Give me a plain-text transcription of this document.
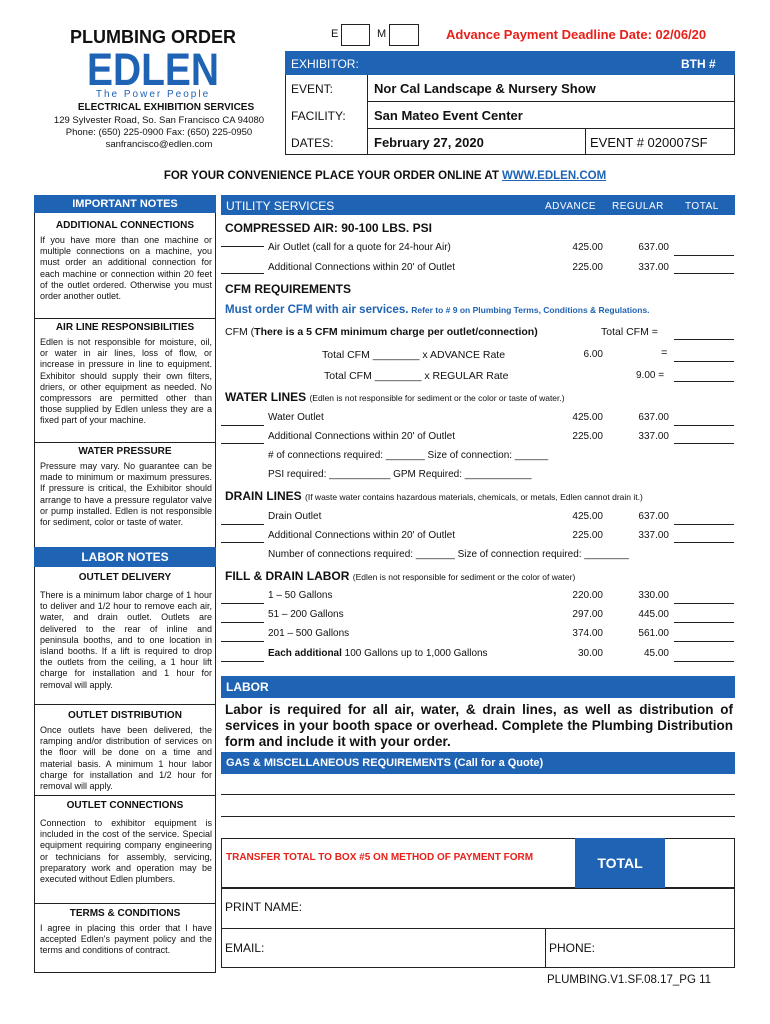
PLUMBING ORDER
EDLEN
The Power People
ELECTRICAL EXHIBITION SERVICES
129 Sylvester Road, So. San Francisco CA 94080
Phone: (650) 225-0900 Fax: (650) 225-0950
sanfrancisco@edlen.com
E	M	Advance Payment Deadline Date: 02/06/20
EXHIBITOR:	BTH #
EVENT:	Nor Cal Landscape & Nursery Show
FACILITY: San Mateo Event Center
DATES:	February 27, 2020	EVENT # 020007SF
FOR YOUR CONVENIENCE PLACE YOUR ORDER ONLINE AT WWW.EDLEN.COM
IMPORTANT NOTES
ADDITIONAL CONNECTIONS
If you have more than one machine or multiple connections on a machine, you must order an additional connection for each machine or connection within 20 feet of the outlet ordered. Otherwise you must order another outlet.
AIR LINE RESPONSIBILITIES
Edlen is not responsible for moisture, oil, or water in air lines, loss of flow, or increase in pressure in line to equipment. Exhibitor should supply their own filters, driers, or other equipment as needed. No compressors are permitted other than those supplied by Edlen unless they are a fixed part of your machine.
WATER PRESSURE
Pressure may vary. No guarantee can be made to minimum or maximum pressures. If pressure is critical, the Exhibitor should arrange to have a pressure regulator valve or pump installed. Edlen is not responsible for sediment, color or taste of water.
LABOR NOTES
OUTLET DELIVERY
There is a minimum labor charge of 1 hour to deliver and 1/2 hour to remove each air, water, and drain outlet. Outlets are delivered to the rear of inline and peninsula booths, and to one location in island booths. If a lift is required to drop the outlets from the ceiling, a 1 hour lift charge for installation and 1 hour for removal will apply.
OUTLET DISTRIBUTION
Once outlets have been delivered, the ramping and/or distribution of services on the floor will be done on a time and material basis. A minimum 1 hour labor charge for installation and 1/2 hour for removal will apply.
OUTLET CONNECTIONS
Connection to exhibitor equipment is included in the cost of the service. Special equipment requiring company engineering or technicians for assembly, servicing, preparatory work and operation may be executed without Edlen plumbers.
TERMS & CONDITIONS
I agree in placing this order that I have accepted Edlen's payment policy and the terms and conditions of contract.
UTILITY SERVICES	ADVANCE REGULAR TOTAL
COMPRESSED AIR: 90-100 LBS. PSI
Air Outlet (call for a quote for 24-hour Air)	425.00	637.00
Additional Connections within 20' of Outlet	225.00	337.00
CFM REQUIREMENTS
Must order CFM with air services. Refer to # 9 on Plumbing Terms, Conditions & Regulations.
CFM (There is a 5 CFM minimum charge per outlet/connection)	Total CFM =
Total CFM ________ x ADVANCE Rate	6.00	=
Total CFM ________ x REGULAR Rate	9.00 =
WATER LINES (Edlen is not responsible for sediment or the color or taste of water.)
Water Outlet	425.00	637.00
Additional Connections within 20' of Outlet	225.00	337.00
# of connections required: _______ Size of connection: ______
PSI required: ___________ GPM Required: ____________
DRAIN LINES (If waste water contains hazardous materials, chemicals, or metals, Edlen cannot drain it.)
Drain Outlet	425.00	637.00
Additional Connections within 20' of Outlet	225.00	337.00
Number of connections required: _______ Size of connection required: ________
FILL & DRAIN LABOR (Edlen is not responsible for sediment or the color of water)
1 – 50 Gallons	220.00	330.00
51 – 200 Gallons	297.00	445.00
201 – 500 Gallons	374.00	561.00
Each additional 100 Gallons up to 1,000 Gallons	30.00	45.00
LABOR
Labor is required for all air, water, & drain lines, as well as distribution of services in your booth space or overhead. Complete the Plumbing Distribution form and include it with your order.
GAS & MISCELLANEOUS REQUIREMENTS (Call for a Quote)
TRANSFER TOTAL TO BOX #5 ON METHOD OF PAYMENT FORM	TOTAL
PRINT NAME:
EMAIL:	PHONE:
PLUMBING.V1.SF.08.17_PG 11
